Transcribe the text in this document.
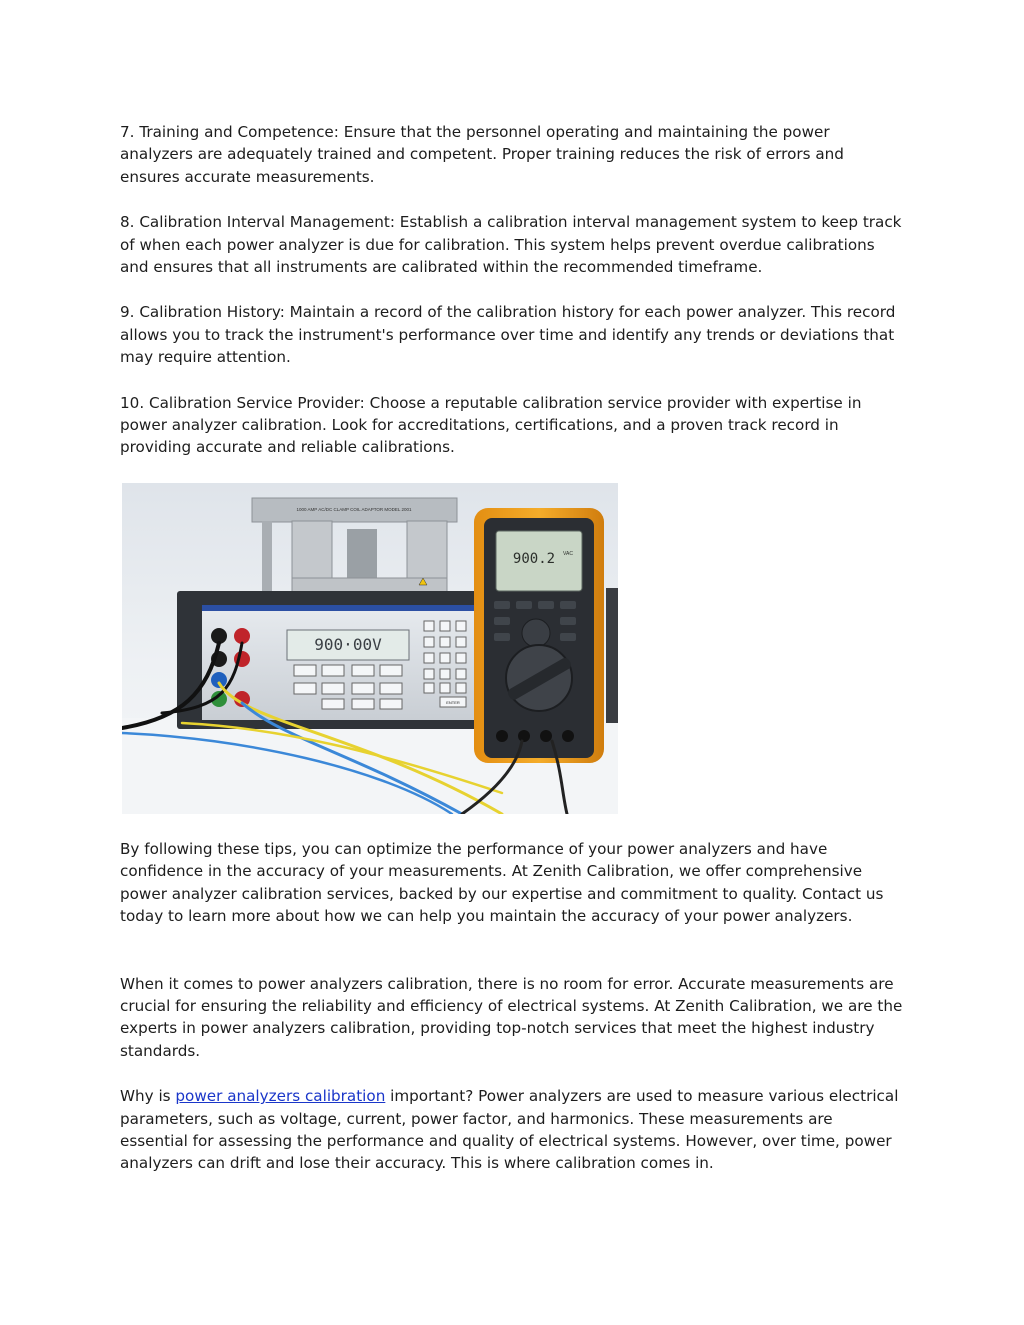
7. Training and Competence: Ensure that the personnel operating and maintaining the power analyzers are adequately trained and competent. Proper training reduces the risk of errors and ensures accurate measurements.

8. Calibration Interval Management: Establish a calibration interval management system to keep track of when each power analyzer is due for calibration. This system helps prevent overdue calibrations and ensures that all instruments are calibrated within the recommended timeframe.

9. Calibration History: Maintain a record of the calibration history for each power analyzer. This record allows you to track the instrument's performance over time and identify any trends or deviations that may require attention.

10. Calibration Service Provider: Choose a reputable calibration service provider with expertise in power analyzer calibration. Look for accreditations, certifications, and a proven track record in providing accurate and reliable calibrations.

1000 AMP AC/DC CLAMP COIL ADAPTOR MODEL 2001
900·00V
ENTER
900.2 VAC

By following these tips, you can optimize the performance of your power analyzers and have confidence in the accuracy of your measurements. At Zenith Calibration, we offer comprehensive power analyzer calibration services, backed by our expertise and commitment to quality. Contact us today to learn more about how we can help you maintain the accuracy of your power analyzers.

When it comes to power analyzers calibration, there is no room for error. Accurate measurements are crucial for ensuring the reliability and efficiency of electrical systems. At Zenith Calibration, we are the experts in power analyzers calibration, providing top-notch services that meet the highest industry standards.

Why is power analyzers calibration important? Power analyzers are used to measure various electrical parameters, such as voltage, current, power factor, and harmonics. These measurements are essential for assessing the performance and quality of electrical systems. However, over time, power analyzers can drift and lose their accuracy. This is where calibration comes in.
